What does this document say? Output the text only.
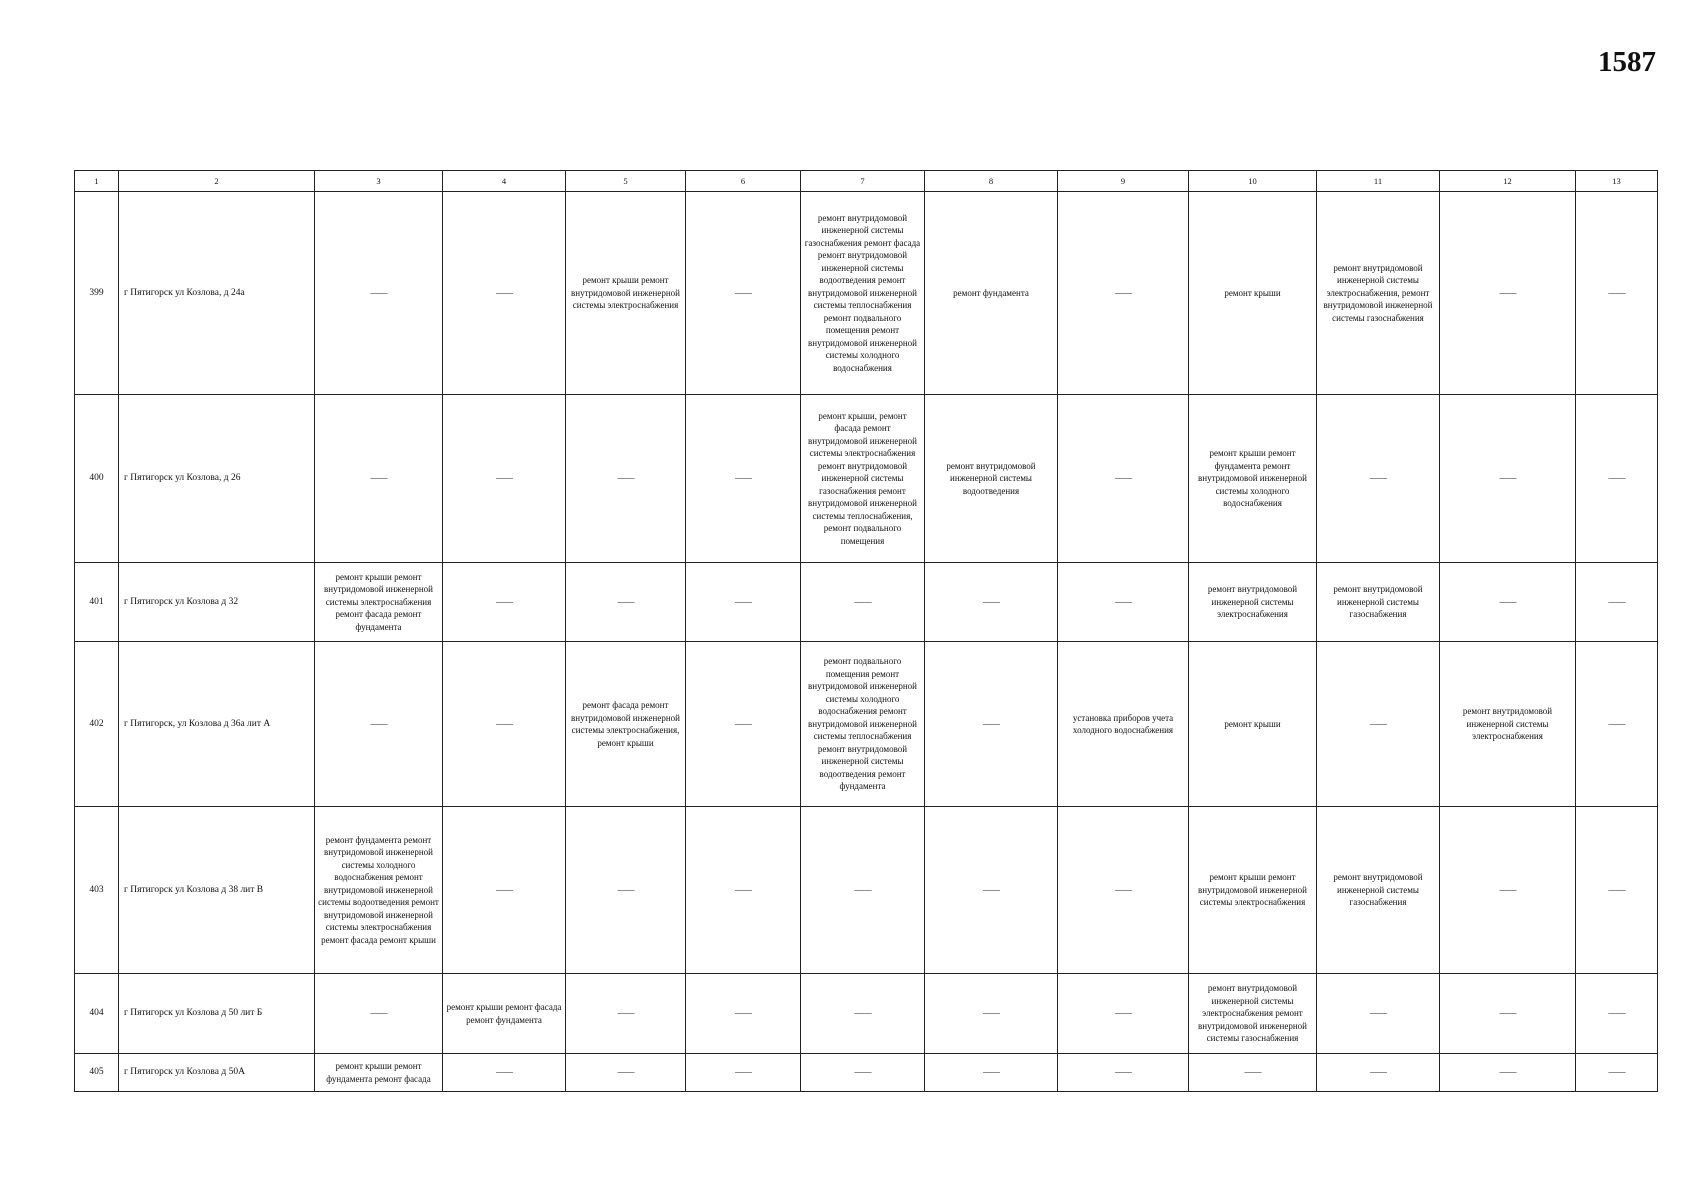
1587
1	2	3	4	5	6	7	8	9	10	11	12	13
399	г Пятигорск ул Козлова, д 24а	——	——	ремонт крыши ремонт внутридомовой инженерной системы электроснабжения	——	ремонт внутридомовой инженерной системы газоснабжения ремонт фасада ремонт внутридомовой инженерной системы водоотведения ремонт внутридомовой инженерной системы теплоснабжения ремонт подвального помещения ремонт внутридомовой инженерной системы холодного водоснабжения	ремонт фундамента	——	ремонт крыши	ремонт внутридомовой инженерной системы электроснабжения, ремонт внутридомовой инженерной системы газоснабжения	——	——
400	г Пятигорск ул Козлова, д 26	——	——	——	——	ремонт крыши, ремонт фасада ремонт внутридомовой инженерной системы электроснабжения ремонт внутридомовой инженерной системы газоснабжения ремонт внутридомовой инженерной системы теплоснабжения, ремонт подвального помещения	ремонт внутридомовой инженерной системы водоотведения	——	ремонт крыши ремонт фундамента ремонт внутридомовой инженерной системы холодного водоснабжения	——	——	——
401	г Пятигорск ул Козлова д 32	ремонт крыши ремонт внутридомовой инженерной системы электроснабжения ремонт фасада ремонт фундамента	——	——	——	——	——	——	ремонт внутридомовой инженерной системы электроснабжения	ремонт внутридомовой инженерной системы газоснабжения	——	——
402	г Пятигорск, ул Козлова д 36а лит А	——	——	ремонт фасада ремонт внутридомовой инженерной системы электроснабжения, ремонт крыши	——	ремонт подвального помещения ремонт внутридомовой инженерной системы холодного водоснабжения ремонт внутридомовой инженерной системы теплоснабжения ремонт внутридомовой инженерной системы водоотведения ремонт фундамента	——	установка приборов учета холодного водоснабжения	ремонт крыши	——	ремонт внутридомовой инженерной системы электроснабжения	——
403	г Пятигорск ул Козлова д 38 лит В	ремонт фундамента ремонт внутридомовой инженерной системы холодного водоснабжения ремонт внутридомовой инженерной системы водоотведения ремонт внутридомовой инженерной системы электроснабжения ремонт фасада ремонт крыши	——	——	——	——	——	——	ремонт крыши ремонт внутридомовой инженерной системы электроснабжения	ремонт внутридомовой инженерной системы газоснабжения	——	——
404	г Пятигорск ул Козлова д 50 лит Б	——	ремонт крыши ремонт фасада ремонт фундамента	——	——	——	——	——	ремонт внутридомовой инженерной системы электроснабжения ремонт внутридомовой инженерной системы газоснабжения	——	——	——
405	г Пятигорск ул Козлова д 50А	ремонт крыши ремонт фундамента ремонт фасада	——	——	——	——	——	——	——	——	——	——
